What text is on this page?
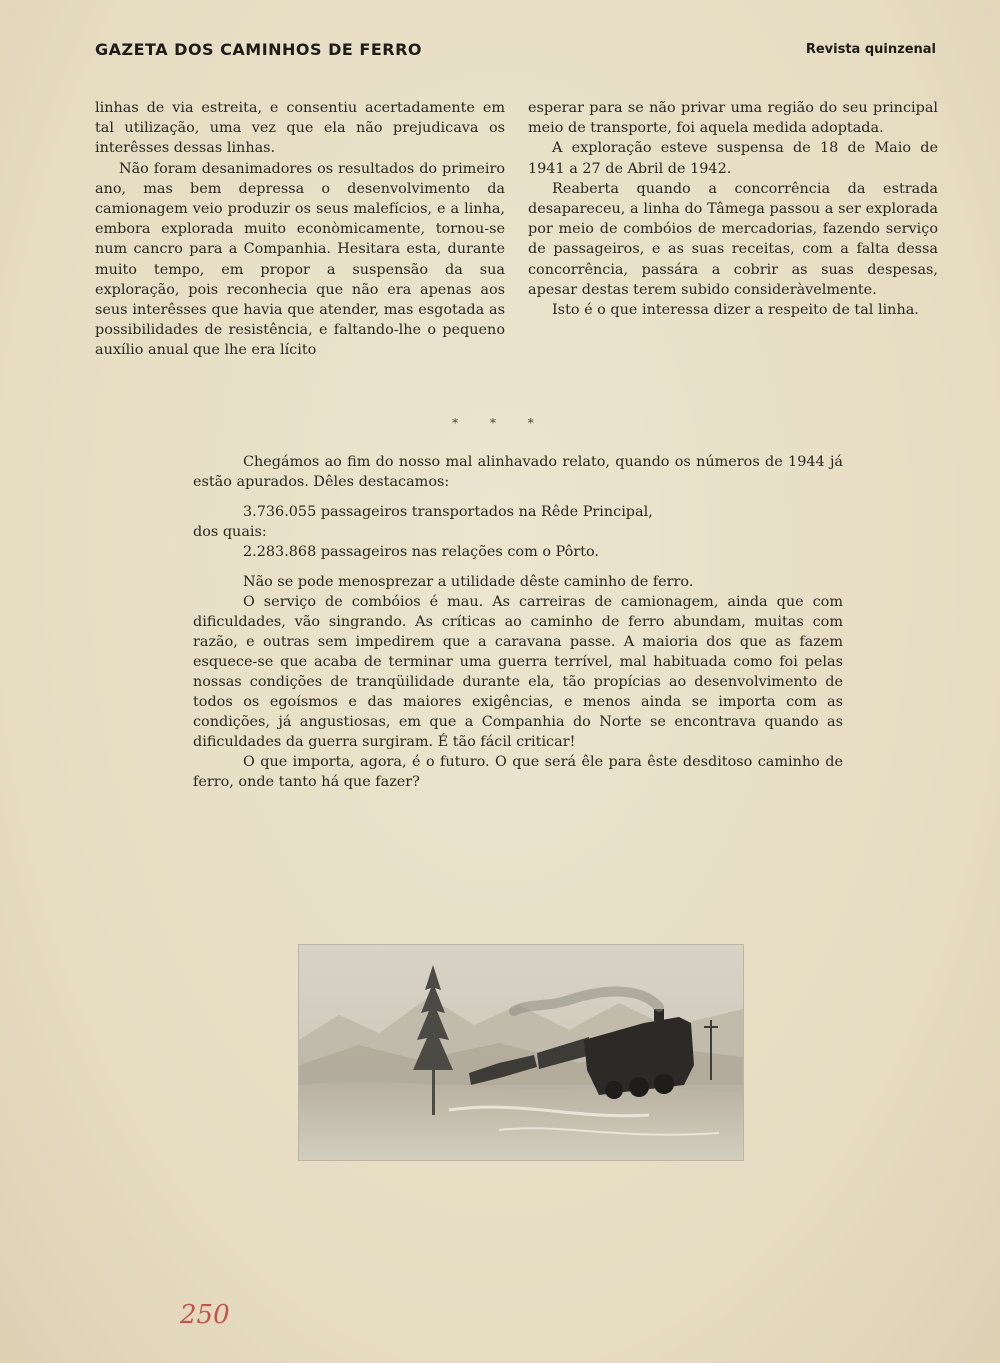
GAZETA DOS CAMINHOS DE FERRO	Revista quinzenal

linhas de via estreita, e consentiu acertadamente em tal utilização, uma vez que ela não prejudicava os interêsses dessas linhas.

Não foram desanimadores os resultados do primeiro ano, mas bem depressa o desenvolvimento da camionagem veio produzir os seus malefícios, e a linha, embora explorada muito econòmicamente, tornou-se num cancro para a Companhia. Hesitara esta, durante muito tempo, em propor a suspensão da sua exploração, pois reconhecia que não era apenas aos seus interêsses que havia que atender, mas esgotada as possibilidades de resistência, e faltando-lhe o pequeno auxílio anual que lhe era lícito

esperar para se não privar uma região do seu principal meio de transporte, foi aquela medida adoptada.

A exploração esteve suspensa de 18 de Maio de 1941 a 27 de Abril de 1942.

Reaberta quando a concorrência da estrada desapareceu, a linha do Tâmega passou a ser explorada por meio de combóios de mercadorias, fazendo serviço de passageiros, e as suas receitas, com a falta dessa concorrência, passára a cobrir as suas despesas, apesar destas terem subido consideràvelmente.

Isto é o que interessa dizer a respeito de tal linha.

* * *

Chegámos ao fim do nosso mal alinhavado relato, quando os números de 1944 já estão apurados. Dêles destacamos:

3.736.055 passageiros transportados na Rêde Principal,

dos quais:

2.283.868 passageiros nas relações com o Pôrto.

Não se pode menosprezar a utilidade dêste caminho de ferro.

O serviço de combóios é mau. As carreiras de camionagem, ainda que com dificuldades, vão singrando. As críticas ao caminho de ferro abundam, muitas com razão, e outras sem impedirem que a caravana passe. A maioria dos que as fazem esquece-se que acaba de terminar uma guerra terrível, mal habituada como foi pelas nossas condições de tranqüilidade durante ela, tão propícias ao desenvolvimento de todos os egoísmos e das maiores exigências, e menos ainda se importa com as condições, já angustiosas, em que a Companhia do Norte se encontrava quando as dificuldades da guerra surgiram. É tão fácil criticar!

O que importa, agora, é o futuro. O que será êle para êste desditoso caminho de ferro, onde tanto há que fazer?

250
